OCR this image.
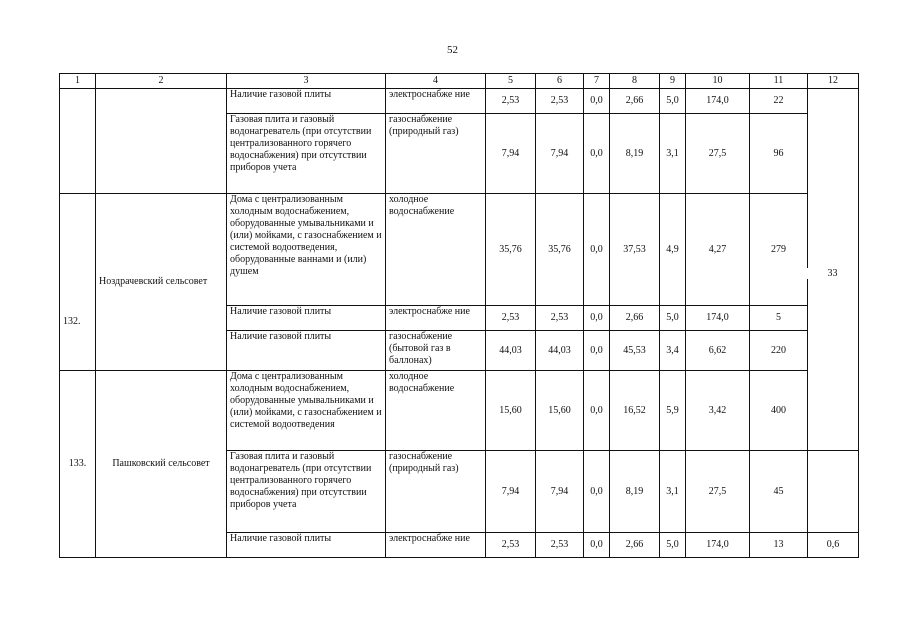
52
1	2	3	4	5	6	7	8	9	10	11	12	
		Наличие газовой плиты	электроснабже ние	2,53	2,53	0,0	2,66	5,0	174,0	22		
		Газовая плита и газовый водонагреватель (при отсутствии централизованного горячего водоснабжения) при отсутствии приборов учета	газоснабжение (природный газ)	7,94	7,94	0,0	8,19	3,1	27,5	96		
132.	Ноздрачевский сельсовет	Дома с централизованным холодным водоснабжением, оборудованные умывальниками и (или) мойками, с газоснабжением и системой водоотведения, оборудованные ваннами и (или) душем	холодное водоснабжение	35,76	35,76	0,0	37,53	4,9	4,27	279		
		Наличие газовой плиты	электроснабже ние	2,53	2,53	0,0	2,66	5,0	174,0	5		
		Наличие газовой плиты	газоснабжение (бытовой газ в баллонах)	44,03	44,03	0,0	45,53	3,4	6,62	220		
133.	Пашковский сельсовет	Дома с централизованным холодным водоснабжением, оборудованные умывальниками и (или) мойками, с газоснабжением и системой водоотведения	холодное водоснабжение	15,60	15,60	0,0	16,52	5,9	3,42	400	
		Газовая плита и газовый водонагреватель (при отсутствии централизованного горячего водоснабжения) при отсутствии приборов учета	газоснабжение (природный газ)	7,94	7,94	0,0	8,19	3,1	27,5	45		
		Наличие газовой плиты	электроснабже ние	2,53	2,53	0,0	2,66	5,0	174,0	13	0,6	
33
